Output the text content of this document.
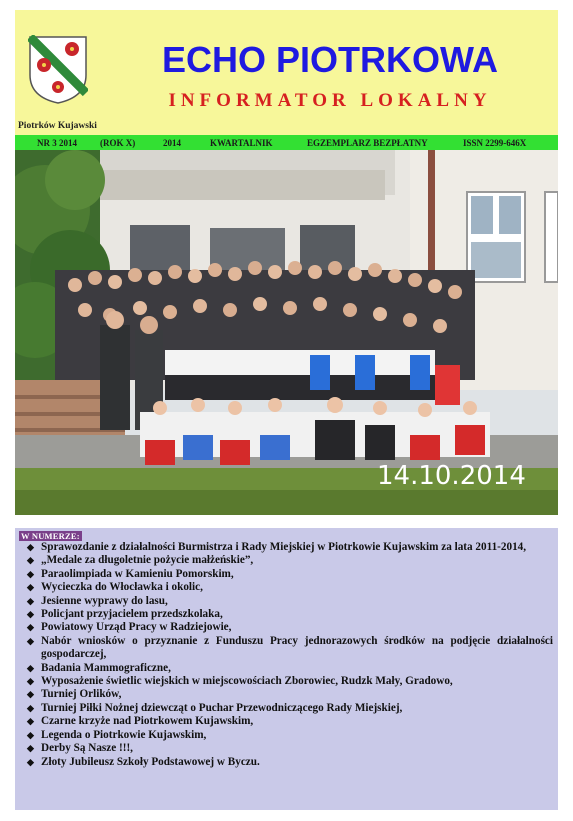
ECHO PIOTRKOWA
INFORMATOR LOKALNY
Piotrków Kujawski
NR 3 2014	(ROK X)	2014	KWARTALNIK	EGZEMPLARZ BEZPŁATNY	ISSN 2299-646X
14.10.2014
W NUMERZE:
◆ Sprawozdanie z działalności Burmistrza i Rady Miejskiej w Piotrkowie Kujawskim za lata 2011-2014,
◆ „Medale za długoletnie pożycie małżeńskie”,
◆ Paraolimpiada w Kamieniu Pomorskim,
◆ Wycieczka do Włocławka i okolic,
◆ Jesienne wyprawy do lasu,
◆ Policjant przyjacielem przedszkolaka,
◆ Powiatowy Urząd Pracy w Radziejowie,
◆ Nabór wniosków o przyznanie z Funduszu Pracy jednorazowych środków na podjęcie działalności gospodarczej,
◆ Badania Mammograficzne,
◆ Wyposażenie świetlic wiejskich w miejscowościach Zborowiec, Rudzk Mały, Gradowo,
◆ Turniej Orlików,
◆ Turniej Piłki Nożnej dziewcząt o Puchar Przewodniczącego Rady Miejskiej,
◆ Czarne krzyże nad Piotrkowem Kujawskim,
◆ Legenda o Piotrkowie Kujawskim,
◆ Derby Są Nasze !!!,
◆ Złoty Jubileusz Szkoły Podstawowej w Byczu.
